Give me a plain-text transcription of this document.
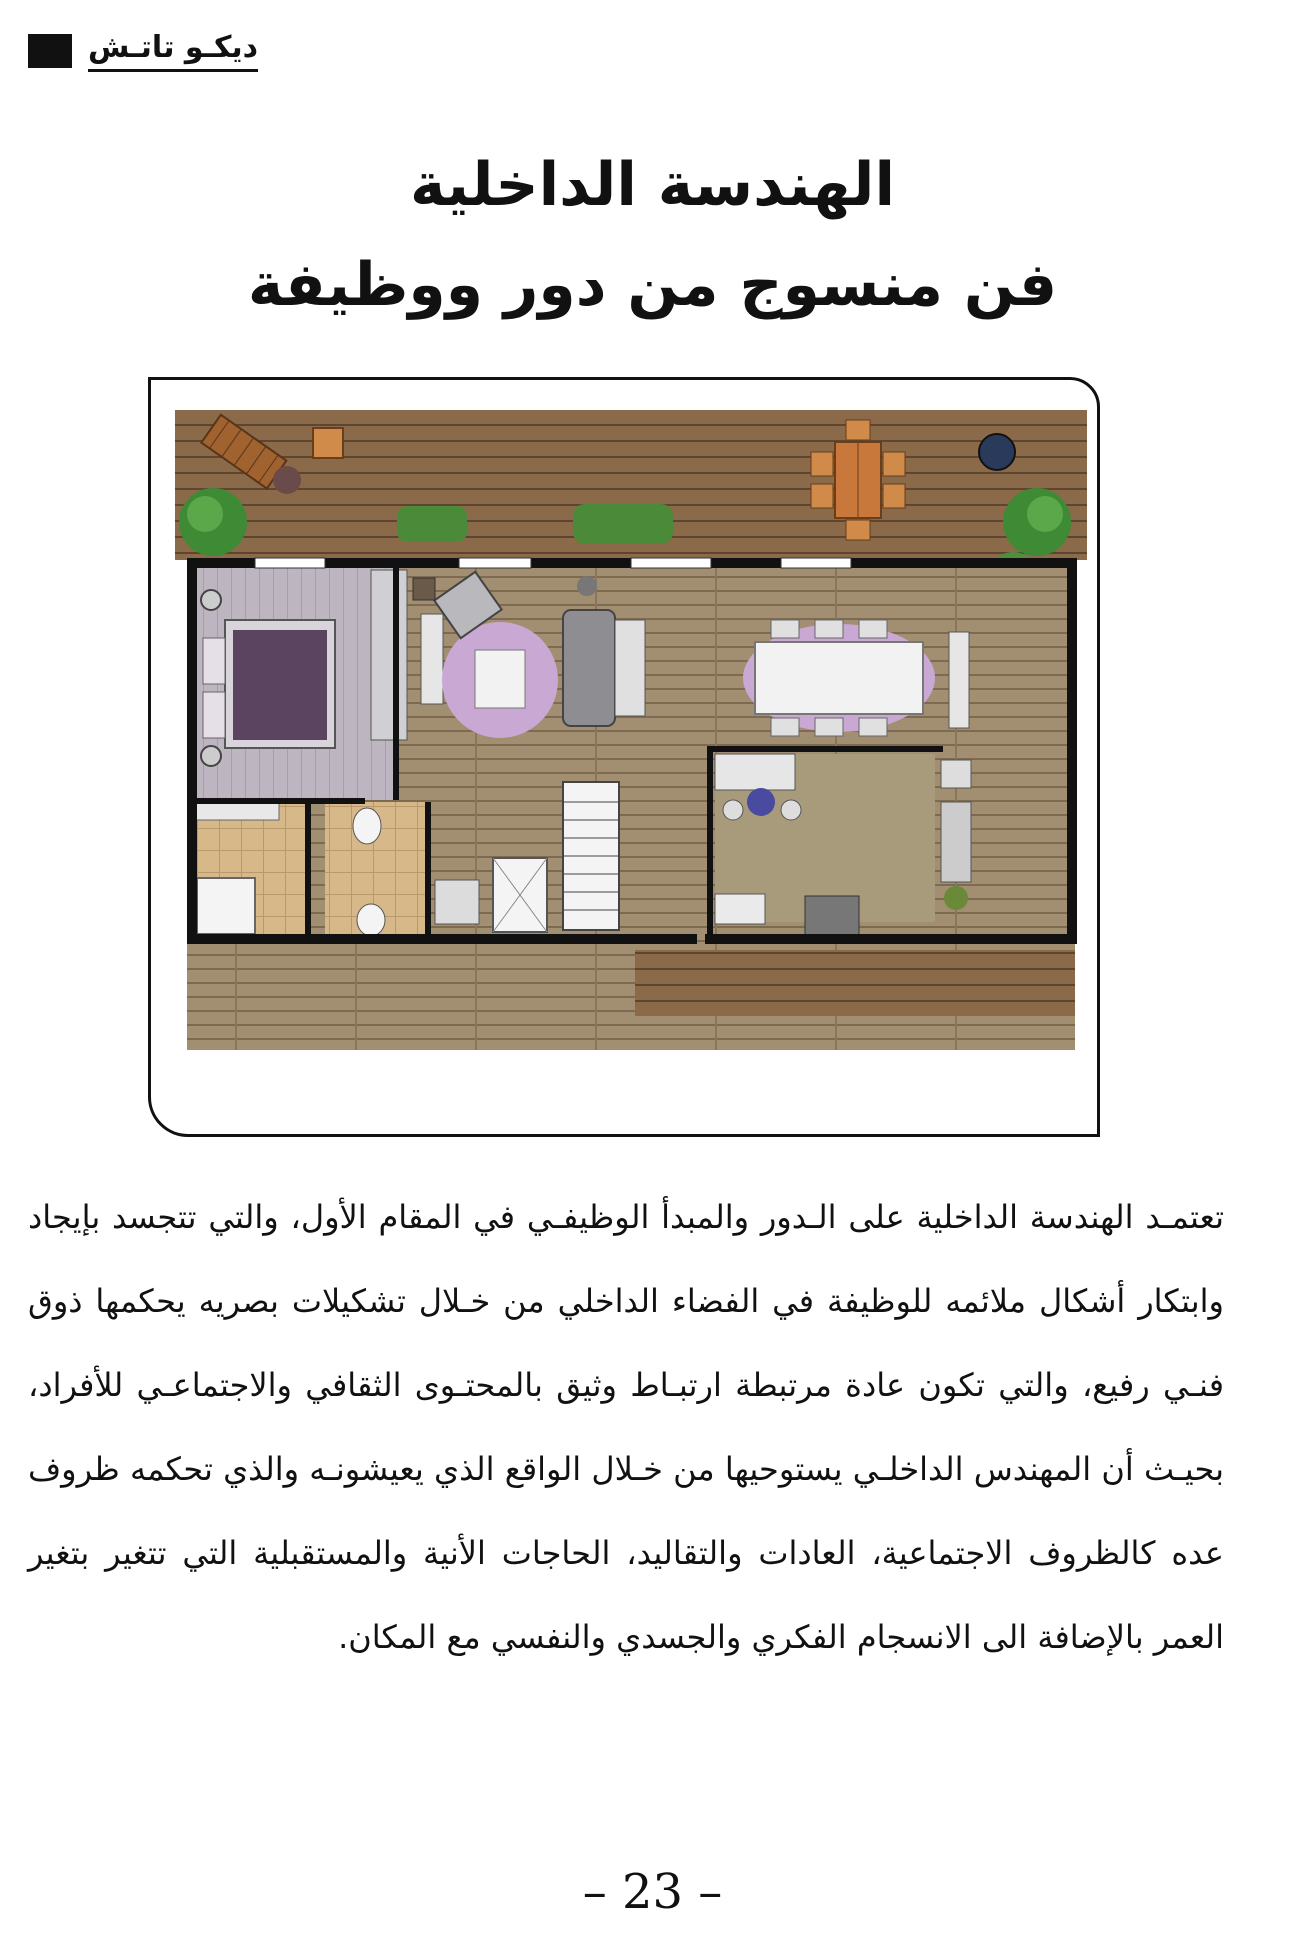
ديكـو تاتـش
الهندسة الداخلية
فن منسوج من دور ووظيفة

تعتمـد الهندسة الداخلية على الـدور والمبدأ الوظيفـي في المقام الأول، والتي تتجسد بإيجاد وابتكار أشكال ملائمه للوظيفة في الفضاء الداخلي من خـلال تشكيلات بصريه يحكمها ذوق فنـي رفيع، والتي تكون عادة مرتبطة ارتبـاط وثيق بالمحتـوى الثقافي والاجتماعـي للأفراد، بحيـث أن المهندس الداخلـي يستوحيها من خـلال الواقع الذي يعيشونـه والذي تحكمه ظروف عده كالظروف الاجتماعية، العادات والتقاليد، الحاجات الأنية والمستقبلية التي تتغير بتغير العمر بالإضافة الى الانسجام الفكري والجسدي والنفسي مع المكان.

– 23 –
